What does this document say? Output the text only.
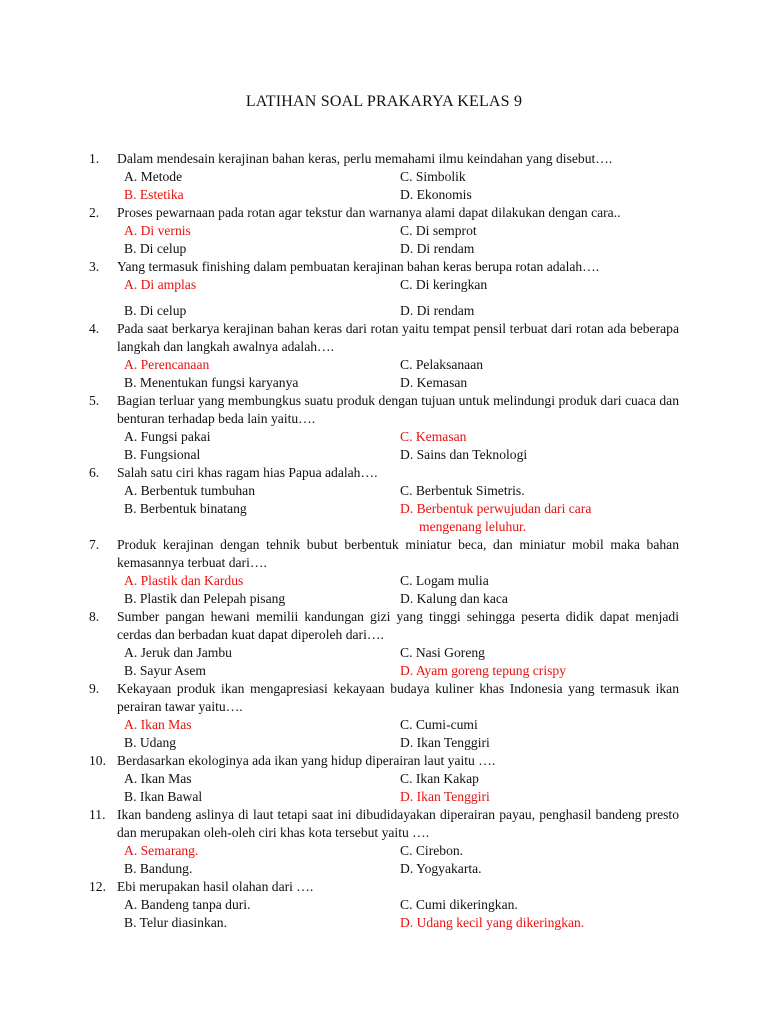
LATIHAN SOAL PRAKARYA KELAS 9
1. Dalam mendesain kerajinan bahan keras, perlu memahami ilmu keindahan yang disebut….
A. Metode	C. Simbolik
B. Estetika	D. Ekonomis
2. Proses pewarnaan pada rotan agar tekstur dan warnanya alami dapat dilakukan dengan cara..
A. Di vernis	C. Di semprot
B. Di celup	D. Di rendam
3. Yang termasuk finishing dalam pembuatan kerajinan bahan keras berupa rotan adalah….
A. Di amplas	C. Di keringkan
B. Di celup	D. Di rendam
4. Pada saat berkarya kerajinan bahan keras dari rotan yaitu tempat pensil terbuat dari rotan ada beberapa langkah dan langkah awalnya adalah….
A. Perencanaan	C. Pelaksanaan
B. Menentukan fungsi karyanya	D. Kemasan
5. Bagian terluar yang membungkus suatu produk dengan tujuan untuk melindungi produk dari cuaca dan benturan terhadap beda lain yaitu….
A. Fungsi pakai	C. Kemasan
B. Fungsional	D. Sains dan Teknologi
6. Salah satu ciri khas ragam hias Papua adalah….
A. Berbentuk tumbuhan	C. Berbentuk Simetris.
B. Berbentuk binatang	D. Berbentuk perwujudan dari cara
mengenang leluhur.
7. Produk kerajinan dengan tehnik bubut berbentuk miniatur beca, dan miniatur mobil maka bahan kemasannya terbuat dari….
A. Plastik dan Kardus	C. Logam mulia
B. Plastik dan Pelepah pisang	D. Kalung dan kaca
8. Sumber pangan hewani memilii kandungan gizi yang tinggi sehingga peserta didik dapat menjadi cerdas dan berbadan kuat dapat diperoleh dari….
A. Jeruk dan Jambu	C. Nasi Goreng
B. Sayur Asem	D. Ayam goreng tepung crispy
9. Kekayaan produk ikan mengapresiasi kekayaan budaya kuliner khas Indonesia yang termasuk ikan perairan tawar yaitu….
A. Ikan Mas	C. Cumi-cumi
B. Udang	D. Ikan Tenggiri
10. Berdasarkan ekologinya ada ikan yang hidup diperairan laut yaitu ….
A. Ikan Mas	C. Ikan Kakap
B. Ikan Bawal	D. Ikan Tenggiri
11. Ikan bandeng aslinya di laut tetapi saat ini dibudidayakan diperairan payau, penghasil bandeng presto dan merupakan oleh-oleh ciri khas kota tersebut yaitu ….
A. Semarang.	C. Cirebon.
B. Bandung.	D. Yogyakarta.
12. Ebi merupakan hasil olahan dari ….
A. Bandeng tanpa duri.	C. Cumi dikeringkan.
B. Telur diasinkan.	D. Udang kecil yang dikeringkan.
